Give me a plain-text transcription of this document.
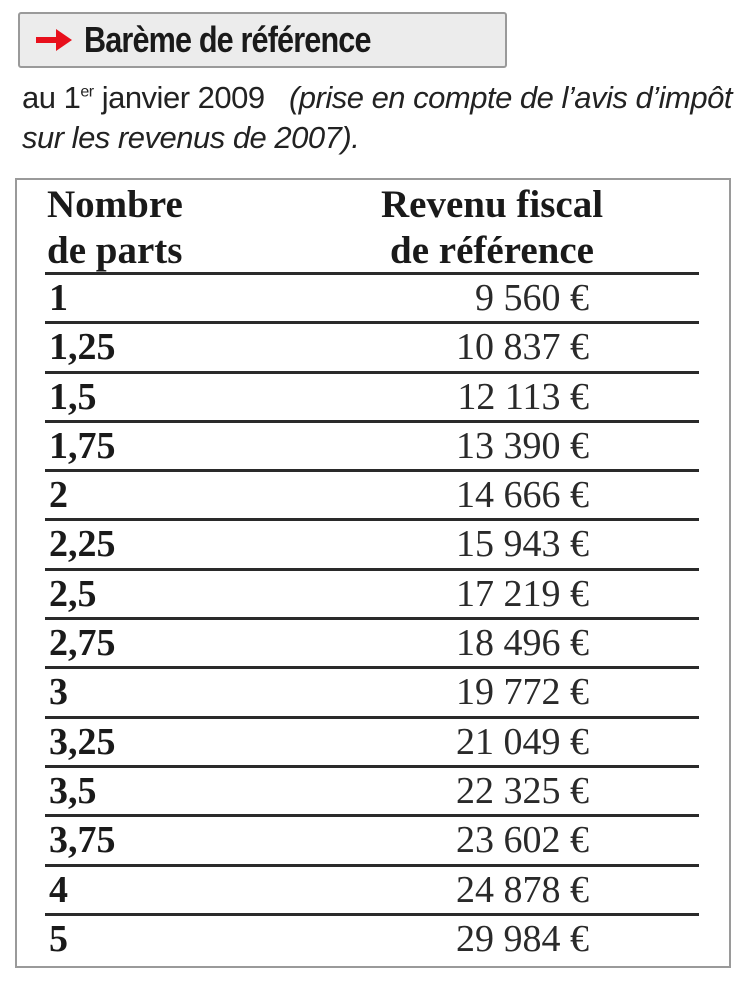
Barème de référence
au 1er janvier 2009 (prise en compte de l’avis d’impôt sur les revenus de 2007).
Nombre
de parts
Revenu fiscal
de référence
1	9 560 €
1,25	10 837 €
1,5	12 113 €
1,75	13 390 €
2	14 666 €
2,25	15 943 €
2,5	17 219 €
2,75	18 496 €
3	19 772 €
3,25	21 049 €
3,5	22 325 €
3,75	23 602 €
4	24 878 €
5	29 984 €
